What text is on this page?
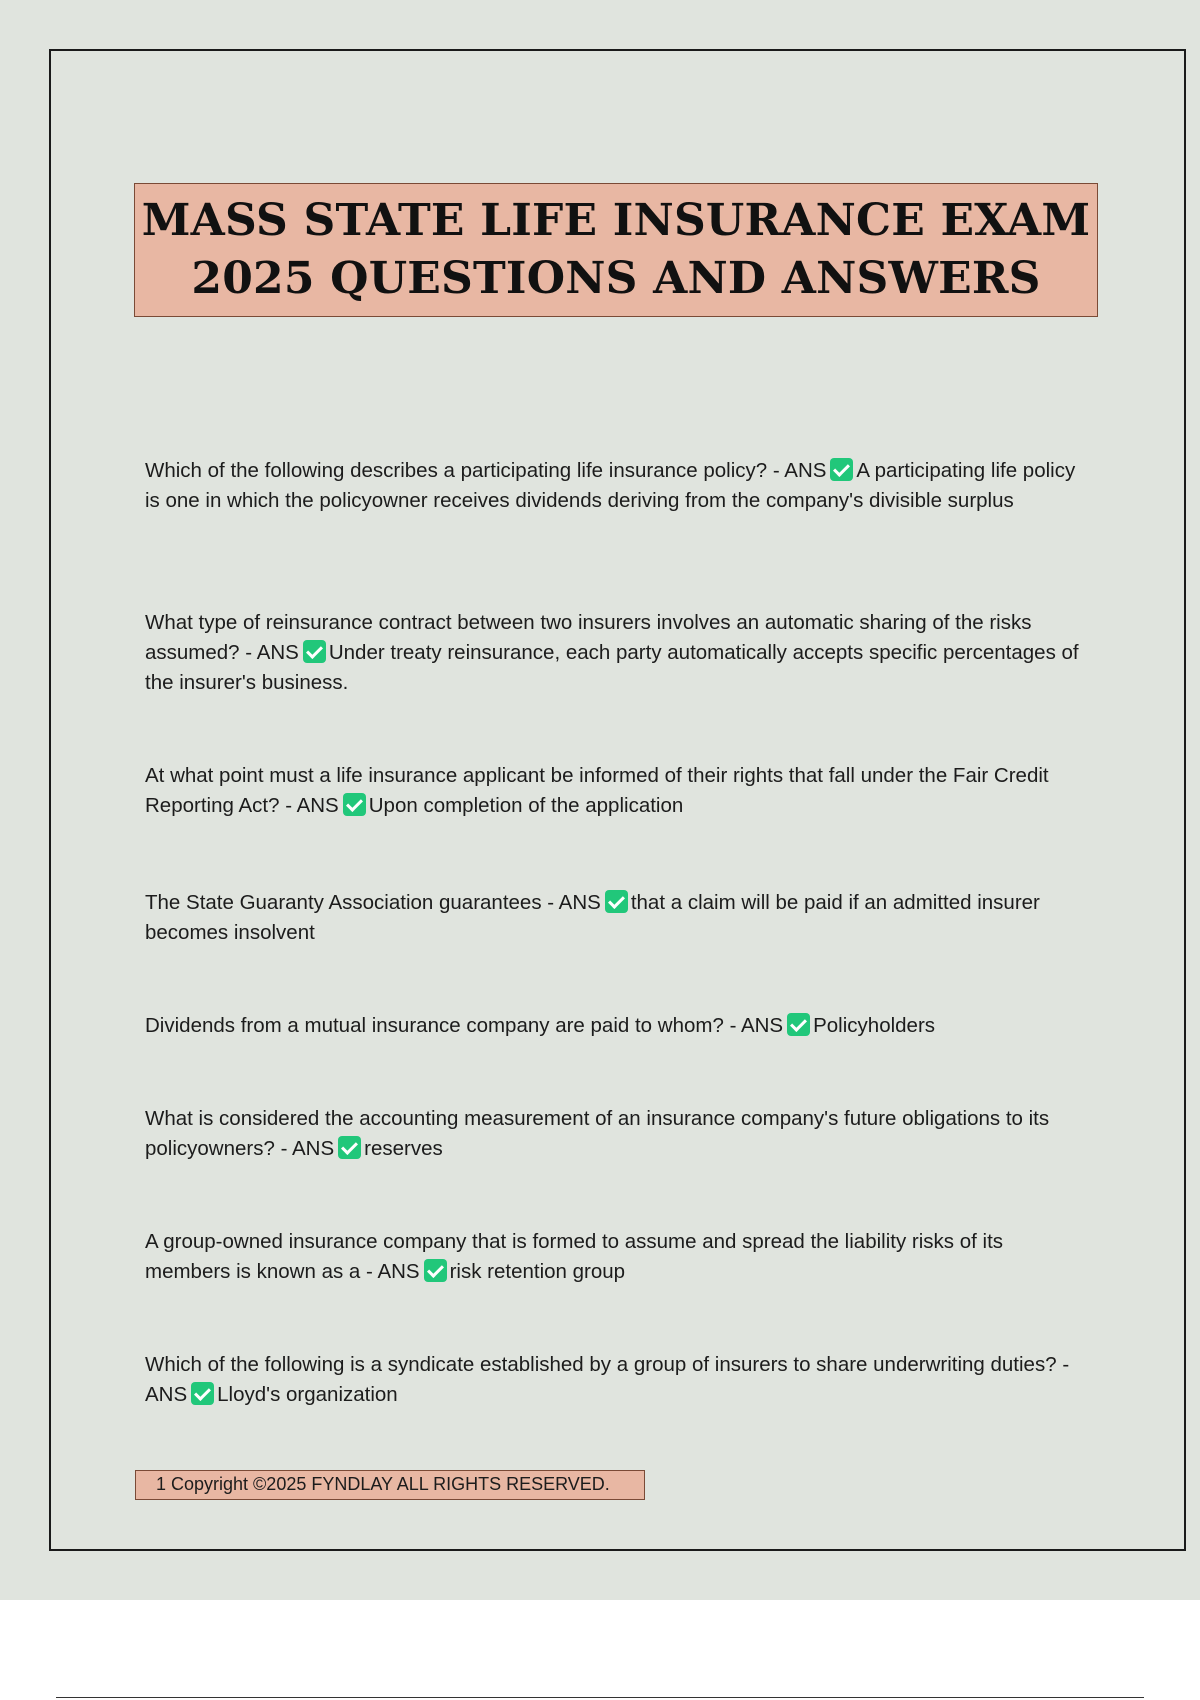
MASS STATE LIFE INSURANCE EXAM
2025 QUESTIONS AND ANSWERS
Which of the following describes a participating life insurance policy? - ANS A participating life policy is one in which the policyowner receives dividends deriving from the company's divisible surplus
What type of reinsurance contract between two insurers involves an automatic sharing of the risks assumed? - ANS Under treaty reinsurance, each party automatically accepts specific percentages of the insurer's business.
At what point must a life insurance applicant be informed of their rights that fall under the Fair Credit Reporting Act? - ANS Upon completion of the application
The State Guaranty Association guarantees - ANS that a claim will be paid if an admitted insurer becomes insolvent
Dividends from a mutual insurance company are paid to whom? - ANS Policyholders
What is considered the accounting measurement of an insurance company's future obligations to its policyowners? - ANS reserves
A group-owned insurance company that is formed to assume and spread the liability risks of its members is known as a - ANS risk retention group
Which of the following is a syndicate established by a group of insurers to share underwriting duties? - ANS Lloyd's organization
1 Copyright ©2025 FYNDLAY ALL RIGHTS RESERVED.
